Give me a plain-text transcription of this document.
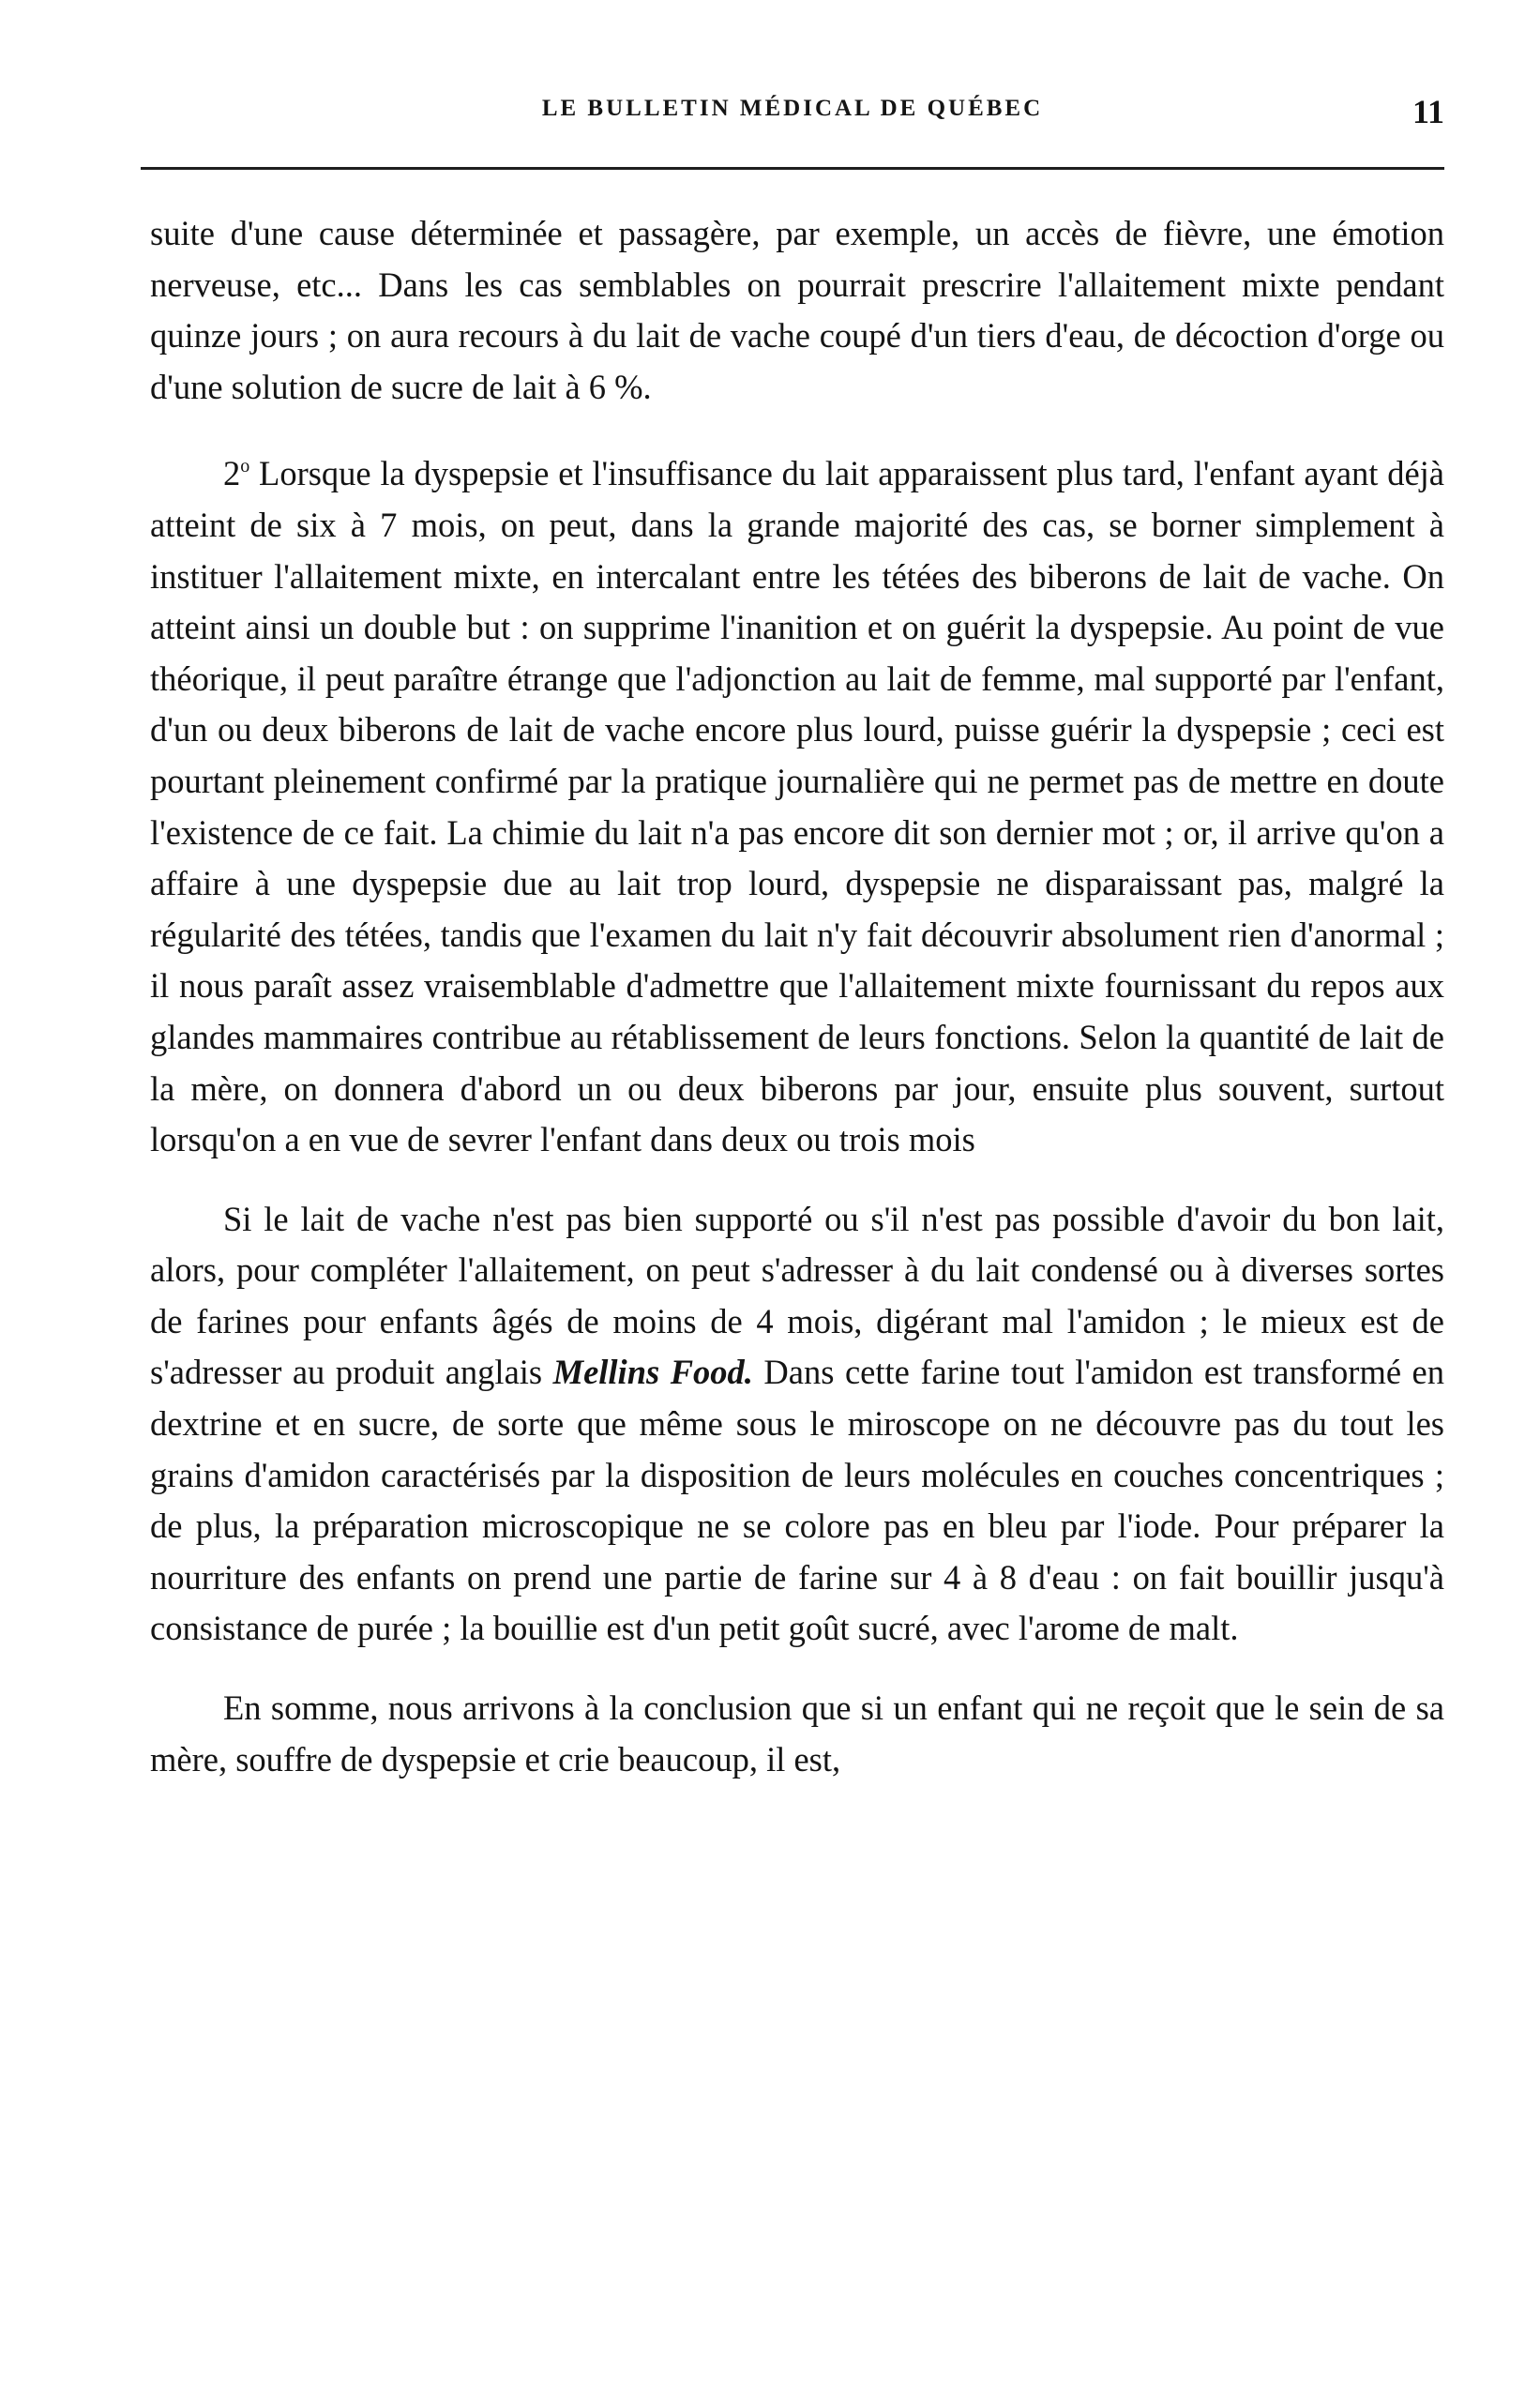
LE BULLETIN MÉDICAL DE QUÉBEC	11

suite d'une cause déterminée et passagère, par exemple, un accès de fièvre, une émotion nerveuse, etc... Dans les cas semblables on pourrait prescrire l'allaitement mixte pendant quinze jours ; on aura recours à du lait de vache coupé d'un tiers d'eau, de décoction d'orge ou d'une solution de sucre de lait à 6 %.

2$^o$ Lorsque la dyspepsie et l'insuffisance du lait apparaissent plus tard, l'enfant ayant déjà atteint de six à 7 mois, on peut, dans la grande majorité des cas, se borner simplement à instituer l'allaitement mixte, en intercalant entre les tétées des biberons de lait de vache. On atteint ainsi un double but : on supprime l'inanition et on guérit la dyspepsie. Au point de vue théorique, il peut paraître étrange que l'adjonction au lait de femme, mal supporté par l'enfant, d'un ou deux biberons de lait de vache encore plus lourd, puisse guérir la dyspepsie ; ceci est pourtant pleinement confirmé par la pratique journalière qui ne permet pas de mettre en doute l'existence de ce fait. La chimie du lait n'a pas encore dit son dernier mot ; or, il arrive qu'on a affaire à une dyspepsie due au lait trop lourd, dyspepsie ne disparaissant pas, malgré la régularité des tétées, tandis que l'examen du lait n'y fait découvrir absolument rien d'anormal ; il nous paraît assez vraisemblable d'admettre que l'allaitement mixte fournissant du repos aux glandes mammaires contribue au rétablissement de leurs fonctions. Selon la quantité de lait de la mère, on donnera d'abord un ou deux biberons par jour, ensuite plus souvent, surtout lorsqu'on a en vue de sevrer l'enfant dans deux ou trois mois

Si le lait de vache n'est pas bien supporté ou s'il n'est pas possible d'avoir du bon lait, alors, pour compléter l'allaitement, on peut s'adresser à du lait condensé ou à diverses sortes de farines pour enfants âgés de moins de 4 mois, digérant mal l'amidon ; le mieux est de s'adresser au produit anglais Mellins Food. Dans cette farine tout l'amidon est transformé en dextrine et en sucre, de sorte que même sous le miroscope on ne découvre pas du tout les grains d'amidon caractérisés par la disposition de leurs molécules en couches concentriques ; de plus, la préparation microscopique ne se colore pas en bleu par l'iode. Pour préparer la nourriture des enfants on prend une partie de farine sur 4 à 8 d'eau : on fait bouillir jusqu'à consistance de purée ; la bouillie est d'un petit goût sucré, avec l'arome de malt.

En somme, nous arrivons à la conclusion que si un enfant qui ne reçoit que le sein de sa mère, souffre de dyspepsie et crie beaucoup, il est,
